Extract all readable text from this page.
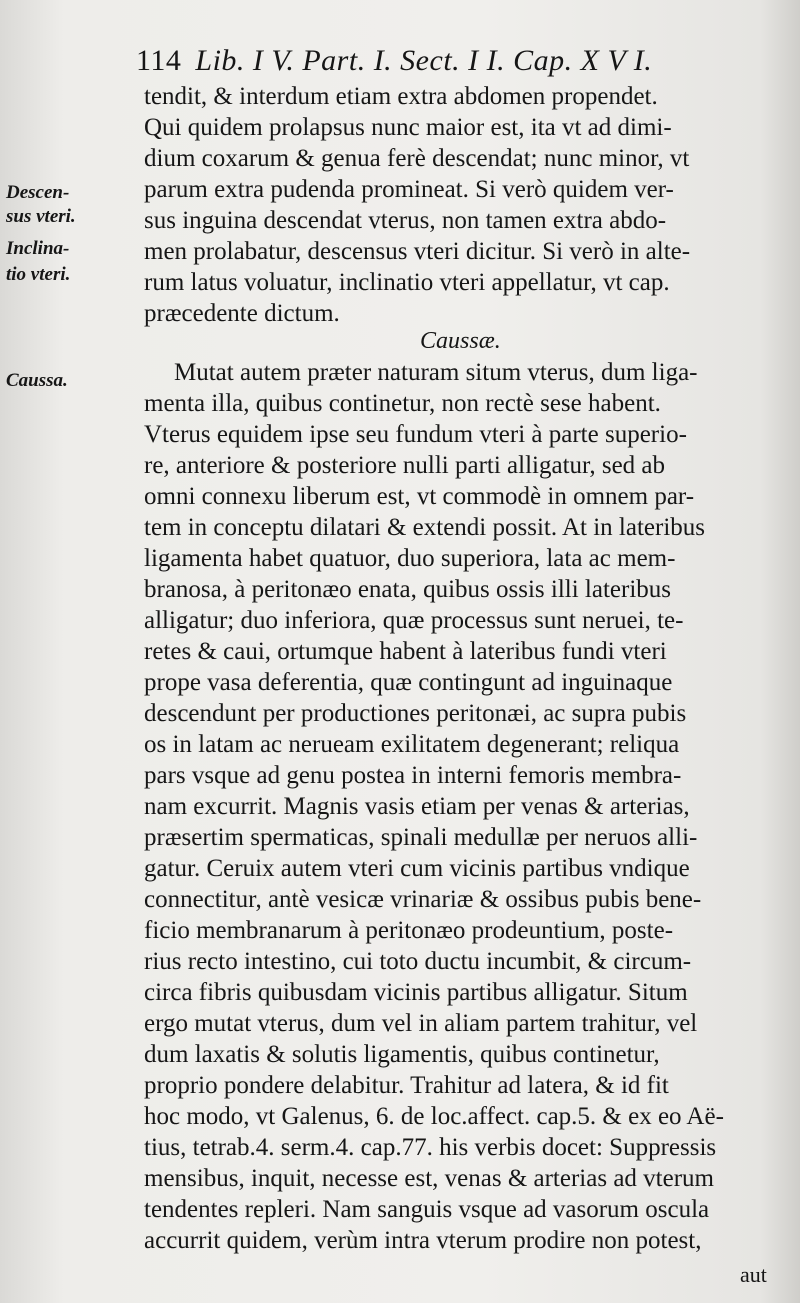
114 Lib. I V. Part. I. Sect. I I. Cap. X V I.
Descen-
sus vteri.
Inclina-
tio vteri.
Caussa.
Caussæ.
tendit, & interdum etiam extra abdomen propendet.
Qui quidem prolapsus nunc maior est, ita vt ad dimi-
dium coxarum & genua ferè descendat; nunc minor, vt
parum extra pudenda promineat. Si verò quidem ver-
sus inguina descendat vterus, non tamen extra abdo-
men prolabatur, descensus vteri dicitur. Si verò in alte-
rum latus voluatur, inclinatio vteri appellatur, vt cap.
præcedente dictum.
Mutat autem præter naturam situm vterus, dum liga-
menta illa, quibus continetur, non rectè sese habent.
Vterus equidem ipse seu fundum vteri à parte superio-
re, anteriore & posteriore nulli parti alligatur, sed ab
omni connexu liberum est, vt commodè in omnem par-
tem in conceptu dilatari & extendi possit. At in lateribus
ligamenta habet quatuor, duo superiora, lata ac mem-
branosa, à peritonæo enata, quibus ossis illi lateribus
alligatur; duo inferiora, quæ processus sunt neruei, te-
retes & caui, ortumque habent à lateribus fundi vteri
prope vasa deferentia, quæ contingunt ad inguinaque
descendunt per productiones peritonæi, ac supra pubis
os in latam ac nerueam exilitatem degenerant; reliqua
pars vsque ad genu postea in interni femoris membra-
nam excurrit. Magnis vasis etiam per venas & arterias,
præsertim spermaticas, spinali medullæ per neruos alli-
gatur. Ceruix autem vteri cum vicinis partibus vndique
connectitur, antè vesicæ vrinariæ & ossibus pubis bene-
ficio membranarum à peritonæo prodeuntium, poste-
rius recto intestino, cui toto ductu incumbit, & circum-
circa fibris quibusdam vicinis partibus alligatur. Situm
ergo mutat vterus, dum vel in aliam partem trahitur, vel
dum laxatis & solutis ligamentis, quibus continetur,
proprio pondere delabitur. Trahitur ad latera, & id fit
hoc modo, vt Galenus, 6. de loc.affect. cap.5. & ex eo Aë-
tius, tetrab.4. serm.4. cap.77. his verbis docet: Suppressis
mensibus, inquit, necesse est, venas & arterias ad vterum
tendentes repleri. Nam sanguis vsque ad vasorum oscula
accurrit quidem, verùm intra vterum prodire non potest,
aut
